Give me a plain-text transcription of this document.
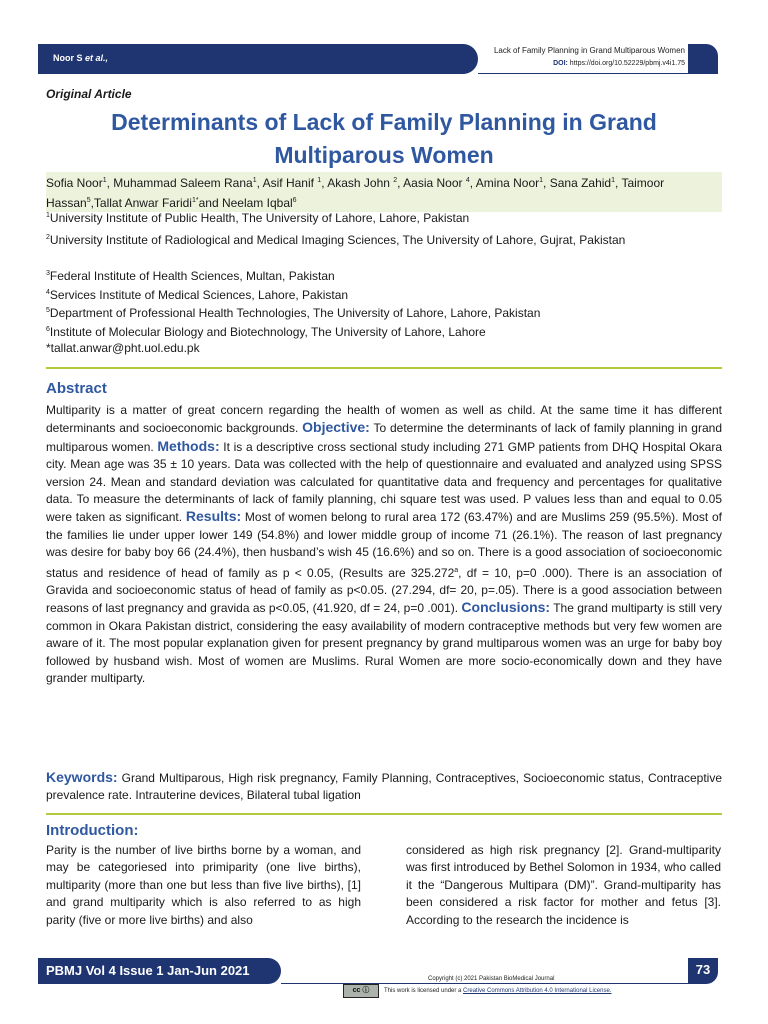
Noor S et al.,
Lack of Family Planning in Grand Multiparous Women
DOI: https://doi.org/10.52229/pbmj.v4i1.75
Original Article
Determinants of Lack of Family Planning in Grand
Multiparous Women
Sofia Noor$^1$, Muhammad Saleem Rana$^1$, Asif Hanif $^1$, Akash John $^2$, Aasia Noor $^4$, Amina Noor$^1$, Sana Zahid$^1$, Taimoor Hassan$^5$,Tallat Anwar Faridi$^{1*}$and Neelam Iqbal$^6$
$^1$University Institute of Public Health, The University of Lahore, Lahore, Pakistan
$^2$University Institute of Radiological and Medical Imaging Sciences, The University of Lahore, Gujrat, Pakistan
$^3$Federal Institute of Health Sciences, Multan, Pakistan
$^4$Services Institute of Medical Sciences, Lahore, Pakistan
$^5$Department of Professional Health Technologies, The University of Lahore, Lahore, Pakistan
$^6$Institute of Molecular Biology and Biotechnology, The University of Lahore, Lahore
*tallat.anwar@pht.uol.edu.pk
Abstract
Multiparity is a matter of great concern regarding the health of women as well as child. At the same time it has different determinants and socioeconomic backgrounds. Objective: To determine the determinants of lack of family planning in grand multiparous women. Methods: It is a descriptive cross sectional study including 271 GMP patients from DHQ Hospital Okara city. Mean age was 35 ± 10 years. Data was collected with the help of questionnaire and evaluated and analyzed using SPSS version 24. Mean and standard deviation was calculated for quantitative data and frequency and percentages for qualitative data. To measure the determinants of lack of family planning, chi square test was used. P values less than and equal to 0.05 were taken as significant. Results: Most of women belong to rural area 172 (63.47%) and are Muslims 259 (95.5%). Most of the families lie under upper lower 149 (54.8%) and lower middle group of income 71 (26.1%). The reason of last pregnancy was desire for baby boy 66 (24.4%), then husband’s wish 45 (16.6%) and so on. There is a good association of socioeconomic status and residence of head of family as p < 0.05, (Results are 325.272$^a$, df = 10, p=0 .000). There is an association of Gravida and socioeconomic status of head of family as p<0.05. (27.294, df= 20, p=.05). There is a good association between reasons of last pregnancy and gravida as p<0.05, (41.920, df = 24, p=0 .001). Conclusions: The grand multiparty is still very common in Okara Pakistan district, considering the easy availability of modern contraceptive methods but very few women are aware of it. The most popular explanation given for present pregnancy by grand multiparous women was an urge for baby boy followed by husband wish. Most of women are Muslims. Rural Women are more socio-economically down and they have grander multiparty.
Keywords: Grand Multiparous, High risk pregnancy, Family Planning, Contraceptives, Socioeconomic status, Contraceptive prevalence rate. Intrauterine devices, Bilateral tubal ligation
Introduction:
Parity is the number of live births borne by a woman, and may be categoriesed into primiparity (one live births), multiparity (more than one but less than five live births), [1] and grand multiparity which is also referred to as high parity (five or more live births) and also
considered as high risk pregnancy [2]. Grand-multiparity was first introduced by Bethel Solomon in 1934, who called it the “Dangerous Multipara (DM)”. Grand-multiparity has been considered a risk factor for mother and fetus [3]. According to the research the incidence is
PBMJ Vol 4 Issue 1 Jan-Jun 2021	73
Copyright (c) 2021 Pakistan BioMedical Journal
cc ⓘ	This work is licensed under a Creative Commons Attribution 4.0 International License.
